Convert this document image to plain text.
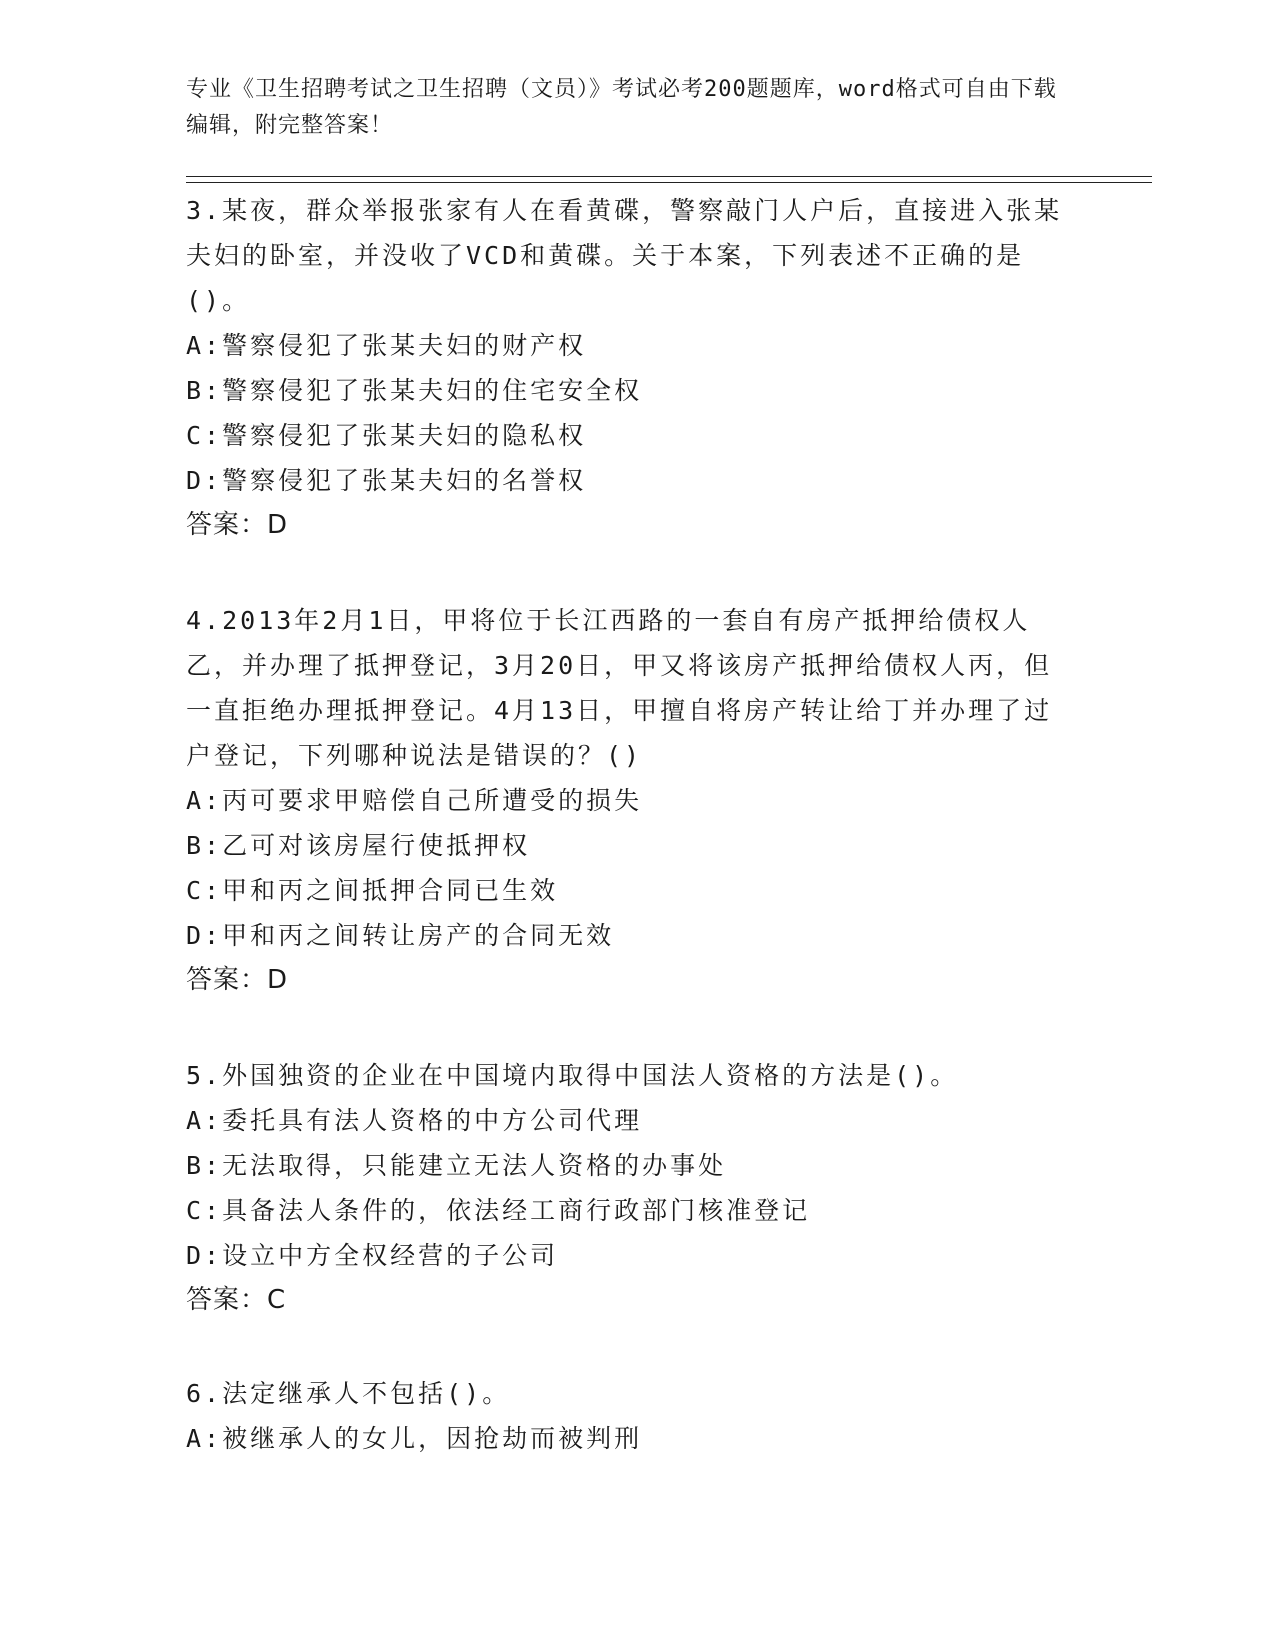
专业《卫生招聘考试之卫生招聘（文员）》考试必考200题题库，word格式可自由下载编辑，附完整答案！

3.某夜，群众举报张家有人在看黄碟，警察敲门人户后，直接进入张某夫妇的卧室，并没收了VCD和黄碟。关于本案，下列表述不正确的是()。

A:警察侵犯了张某夫妇的财产权

B:警察侵犯了张某夫妇的住宅安全权

C:警察侵犯了张某夫妇的隐私权

D:警察侵犯了张某夫妇的名誉权

答案：D

4.2013年2月1日，甲将位于长江西路的一套自有房产抵押给债权人乙，并办理了抵押登记，3月20日，甲又将该房产抵押给债权人丙，但一直拒绝办理抵押登记。4月13日，甲擅自将房产转让给丁并办理了过户登记，下列哪种说法是错误的？()

A:丙可要求甲赔偿自己所遭受的损失

B:乙可对该房屋行使抵押权

C:甲和丙之间抵押合同已生效

D:甲和丙之间转让房产的合同无效

答案：D

5.外国独资的企业在中国境内取得中国法人资格的方法是()。

A:委托具有法人资格的中方公司代理

B:无法取得，只能建立无法人资格的办事处

C:具备法人条件的，依法经工商行政部门核准登记

D:设立中方全权经营的子公司

答案：C

6.法定继承人不包括()。

A:被继承人的女儿，因抢劫而被判刑
